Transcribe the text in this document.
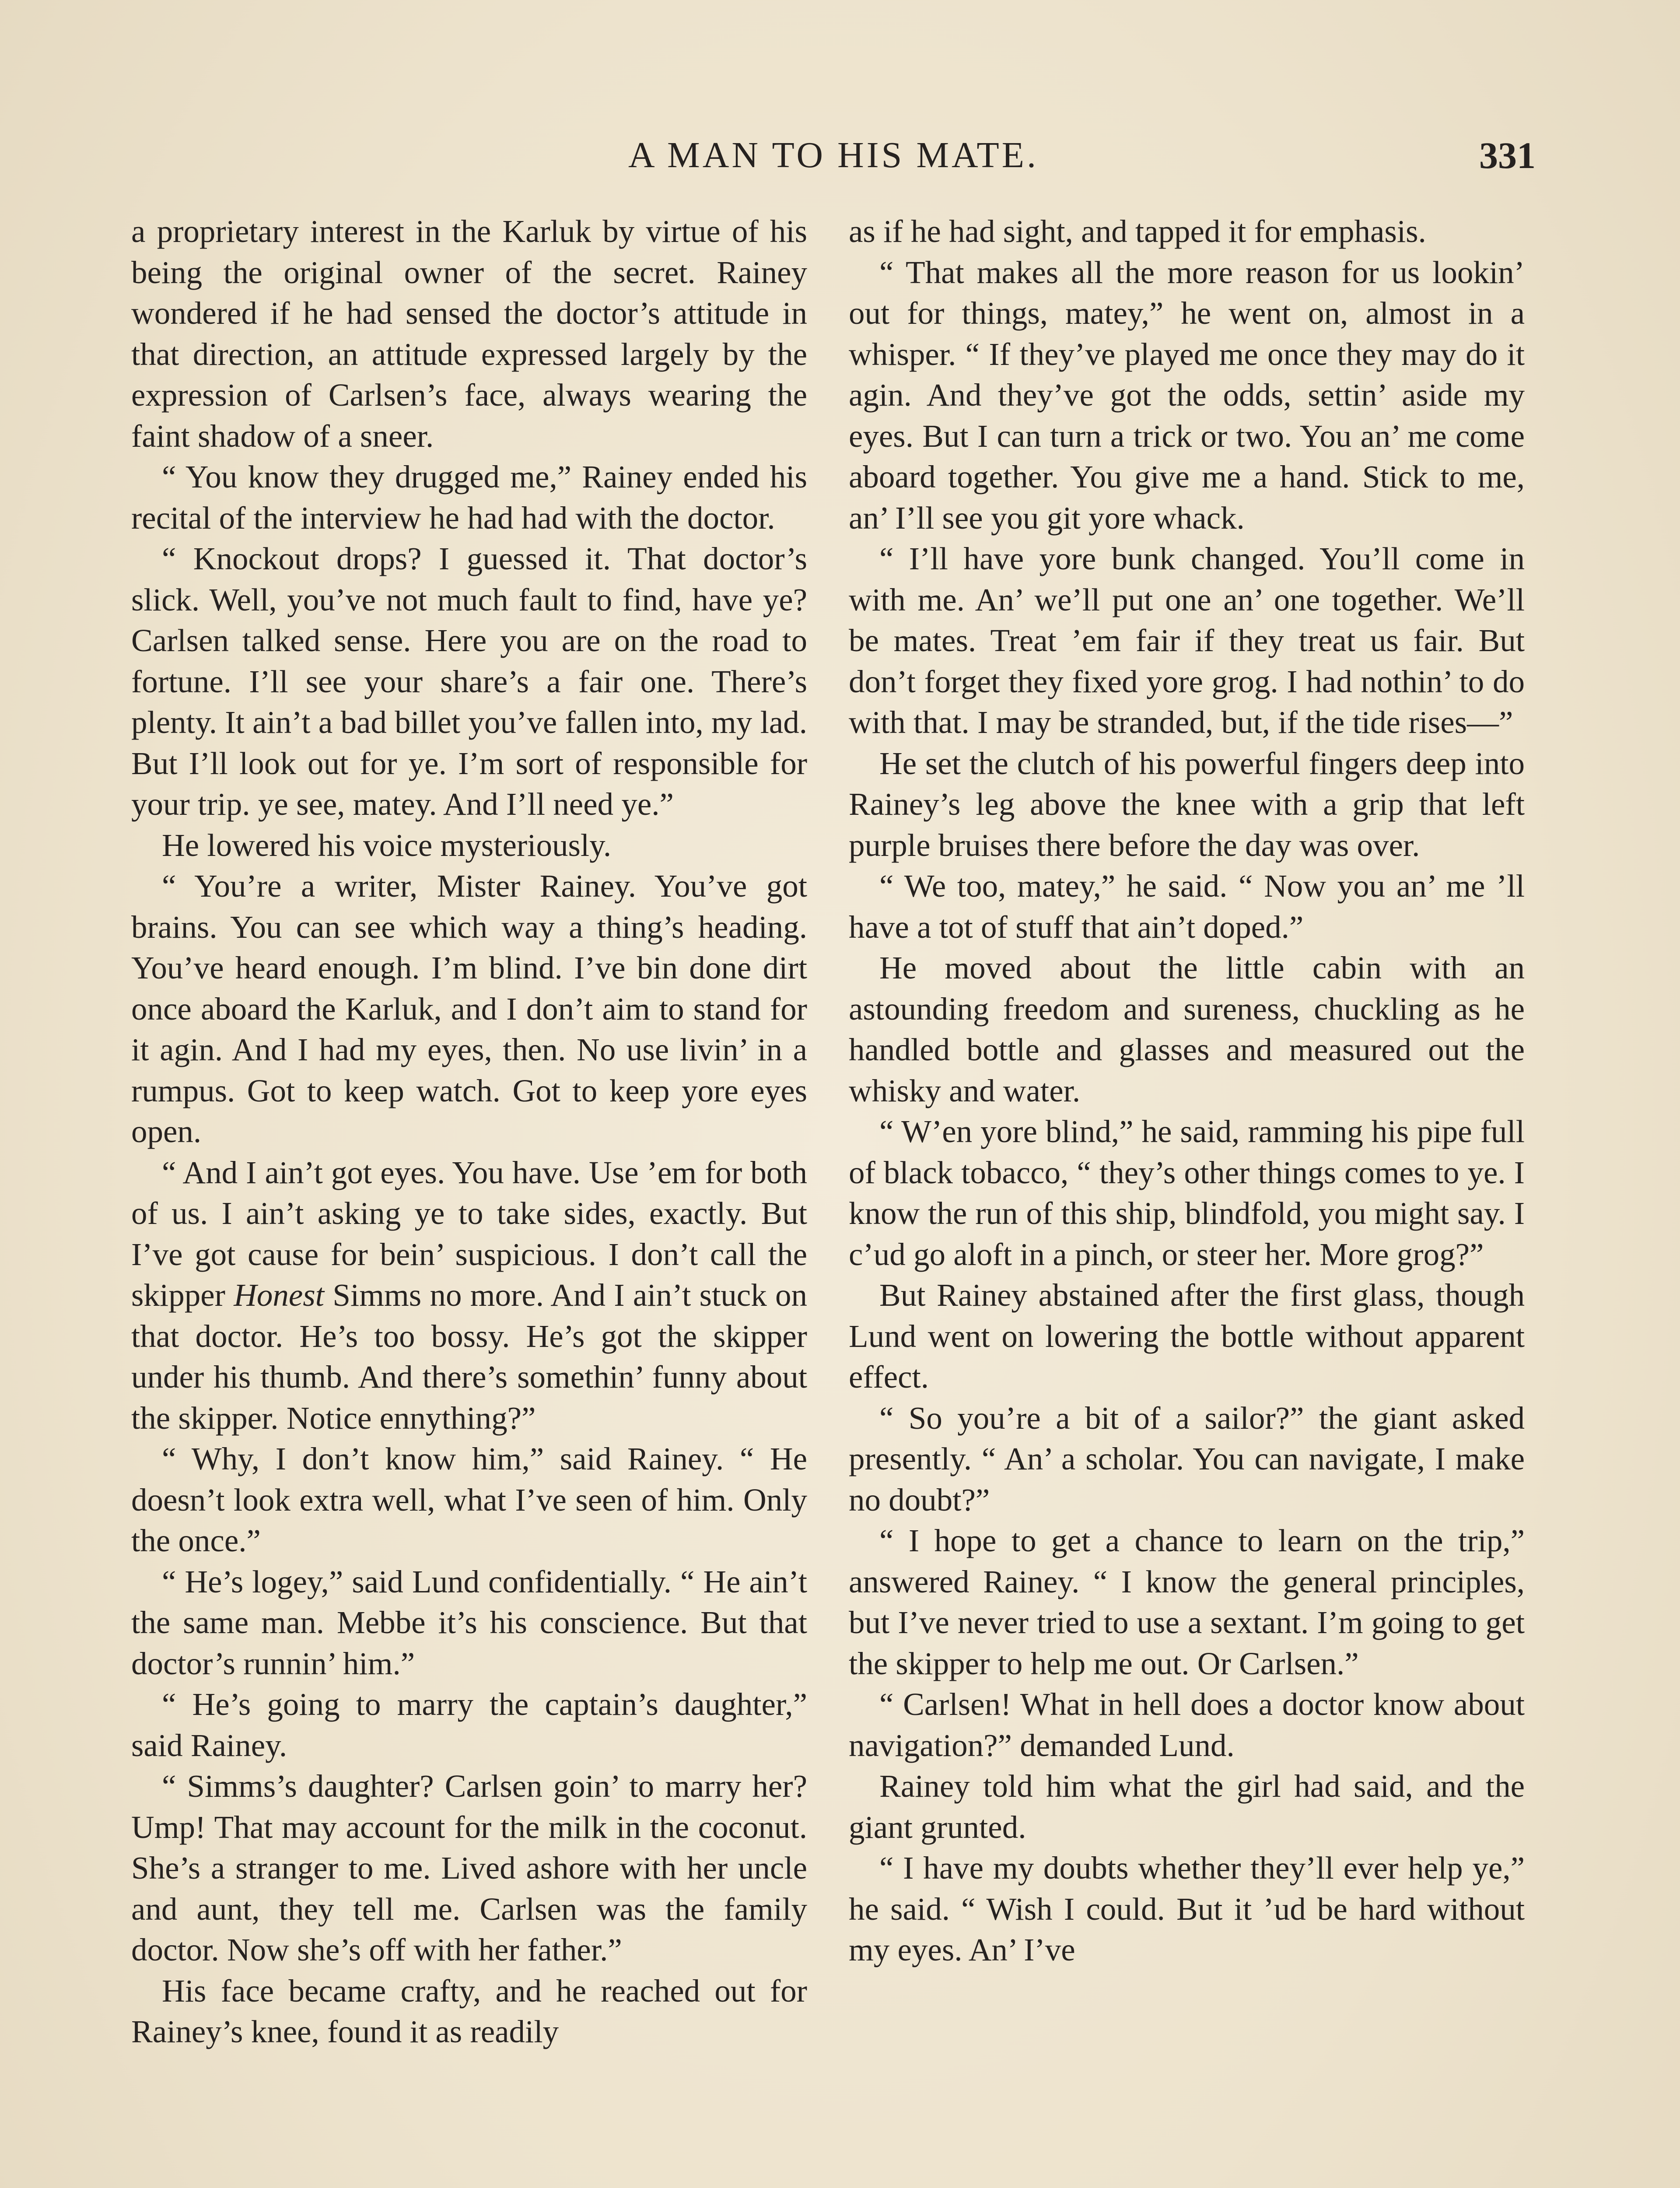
A MAN TO HIS MATE.	331

a proprietary interest in the Karluk by virtue of his being the original owner of the secret. Rainey wondered if he had sensed the doctor’s attitude in that direction, an attitude expressed largely by the expression of Carlsen’s face, always wearing the faint shadow of a sneer.

“ You know they drugged me,” Rainey ended his recital of the interview he had had with the doctor.

“ Knockout drops? I guessed it. That doctor’s slick. Well, you’ve not much fault to find, have ye? Carlsen talked sense. Here you are on the road to fortune. I’ll see your share’s a fair one. There’s plenty. It ain’t a bad billet you’ve fallen into, my lad. But I’ll look out for ye. I’m sort of responsible for your trip. ye see, matey. And I’ll need ye.”

He lowered his voice mysteriously.

“ You’re a writer, Mister Rainey. You’ve got brains. You can see which way a thing’s heading. You’ve heard enough. I’m blind. I’ve bin done dirt once aboard the Karluk, and I don’t aim to stand for it agin. And I had my eyes, then. No use livin’ in a rumpus. Got to keep watch. Got to keep yore eyes open.

“ And I ain’t got eyes. You have. Use ’em for both of us. I ain’t asking ye to take sides, exactly. But I’ve got cause for bein’ suspicious. I don’t call the skipper Honest Simms no more. And I ain’t stuck on that doctor. He’s too bossy. He’s got the skipper under his thumb. And there’s somethin’ funny about the skipper. Notice ennything?”

“ Why, I don’t know him,” said Rainey. “ He doesn’t look extra well, what I’ve seen of him. Only the once.”

“ He’s logey,” said Lund confidentially. “ He ain’t the same man. Mebbe it’s his conscience. But that doctor’s runnin’ him.”

“ He’s going to marry the captain’s daughter,” said Rainey.

“ Simms’s daughter? Carlsen goin’ to marry her? Ump! That may account for the milk in the coconut. She’s a stranger to me. Lived ashore with her uncle and aunt, they tell me. Carlsen was the family doctor. Now she’s off with her father.”

His face became crafty, and he reached out for Rainey’s knee, found it as readily

as if he had sight, and tapped it for emphasis.

“ That makes all the more reason for us lookin’ out for things, matey,” he went on, almost in a whisper. “ If they’ve played me once they may do it agin. And they’ve got the odds, settin’ aside my eyes. But I can turn a trick or two. You an’ me come aboard together. You give me a hand. Stick to me, an’ I’ll see you git yore whack.

“ I’ll have yore bunk changed. You’ll come in with me. An’ we’ll put one an’ one together. We’ll be mates. Treat ’em fair if they treat us fair. But don’t forget they fixed yore grog. I had nothin’ to do with that. I may be stranded, but, if the tide rises—”

He set the clutch of his powerful fingers deep into Rainey’s leg above the knee with a grip that left purple bruises there before the day was over.

“ We too, matey,” he said. “ Now you an’ me ’ll have a tot of stuff that ain’t doped.”

He moved about the little cabin with an astounding freedom and sureness, chuckling as he handled bottle and glasses and measured out the whisky and water.

“ W’en yore blind,” he said, ramming his pipe full of black tobacco, “ they’s other things comes to ye. I know the run of this ship, blindfold, you might say. I c’ud go aloft in a pinch, or steer her. More grog?”

But Rainey abstained after the first glass, though Lund went on lowering the bottle without apparent effect.

“ So you’re a bit of a sailor?” the giant asked presently. “ An’ a scholar. You can navigate, I make no doubt?”

“ I hope to get a chance to learn on the trip,” answered Rainey. “ I know the general principles, but I’ve never tried to use a sextant. I’m going to get the skipper to help me out. Or Carlsen.”

“ Carlsen! What in hell does a doctor know about navigation?” demanded Lund.

Rainey told him what the girl had said, and the giant grunted.

“ I have my doubts whether they’ll ever help ye,” he said. “ Wish I could. But it ’ud be hard without my eyes. An’ I’ve
